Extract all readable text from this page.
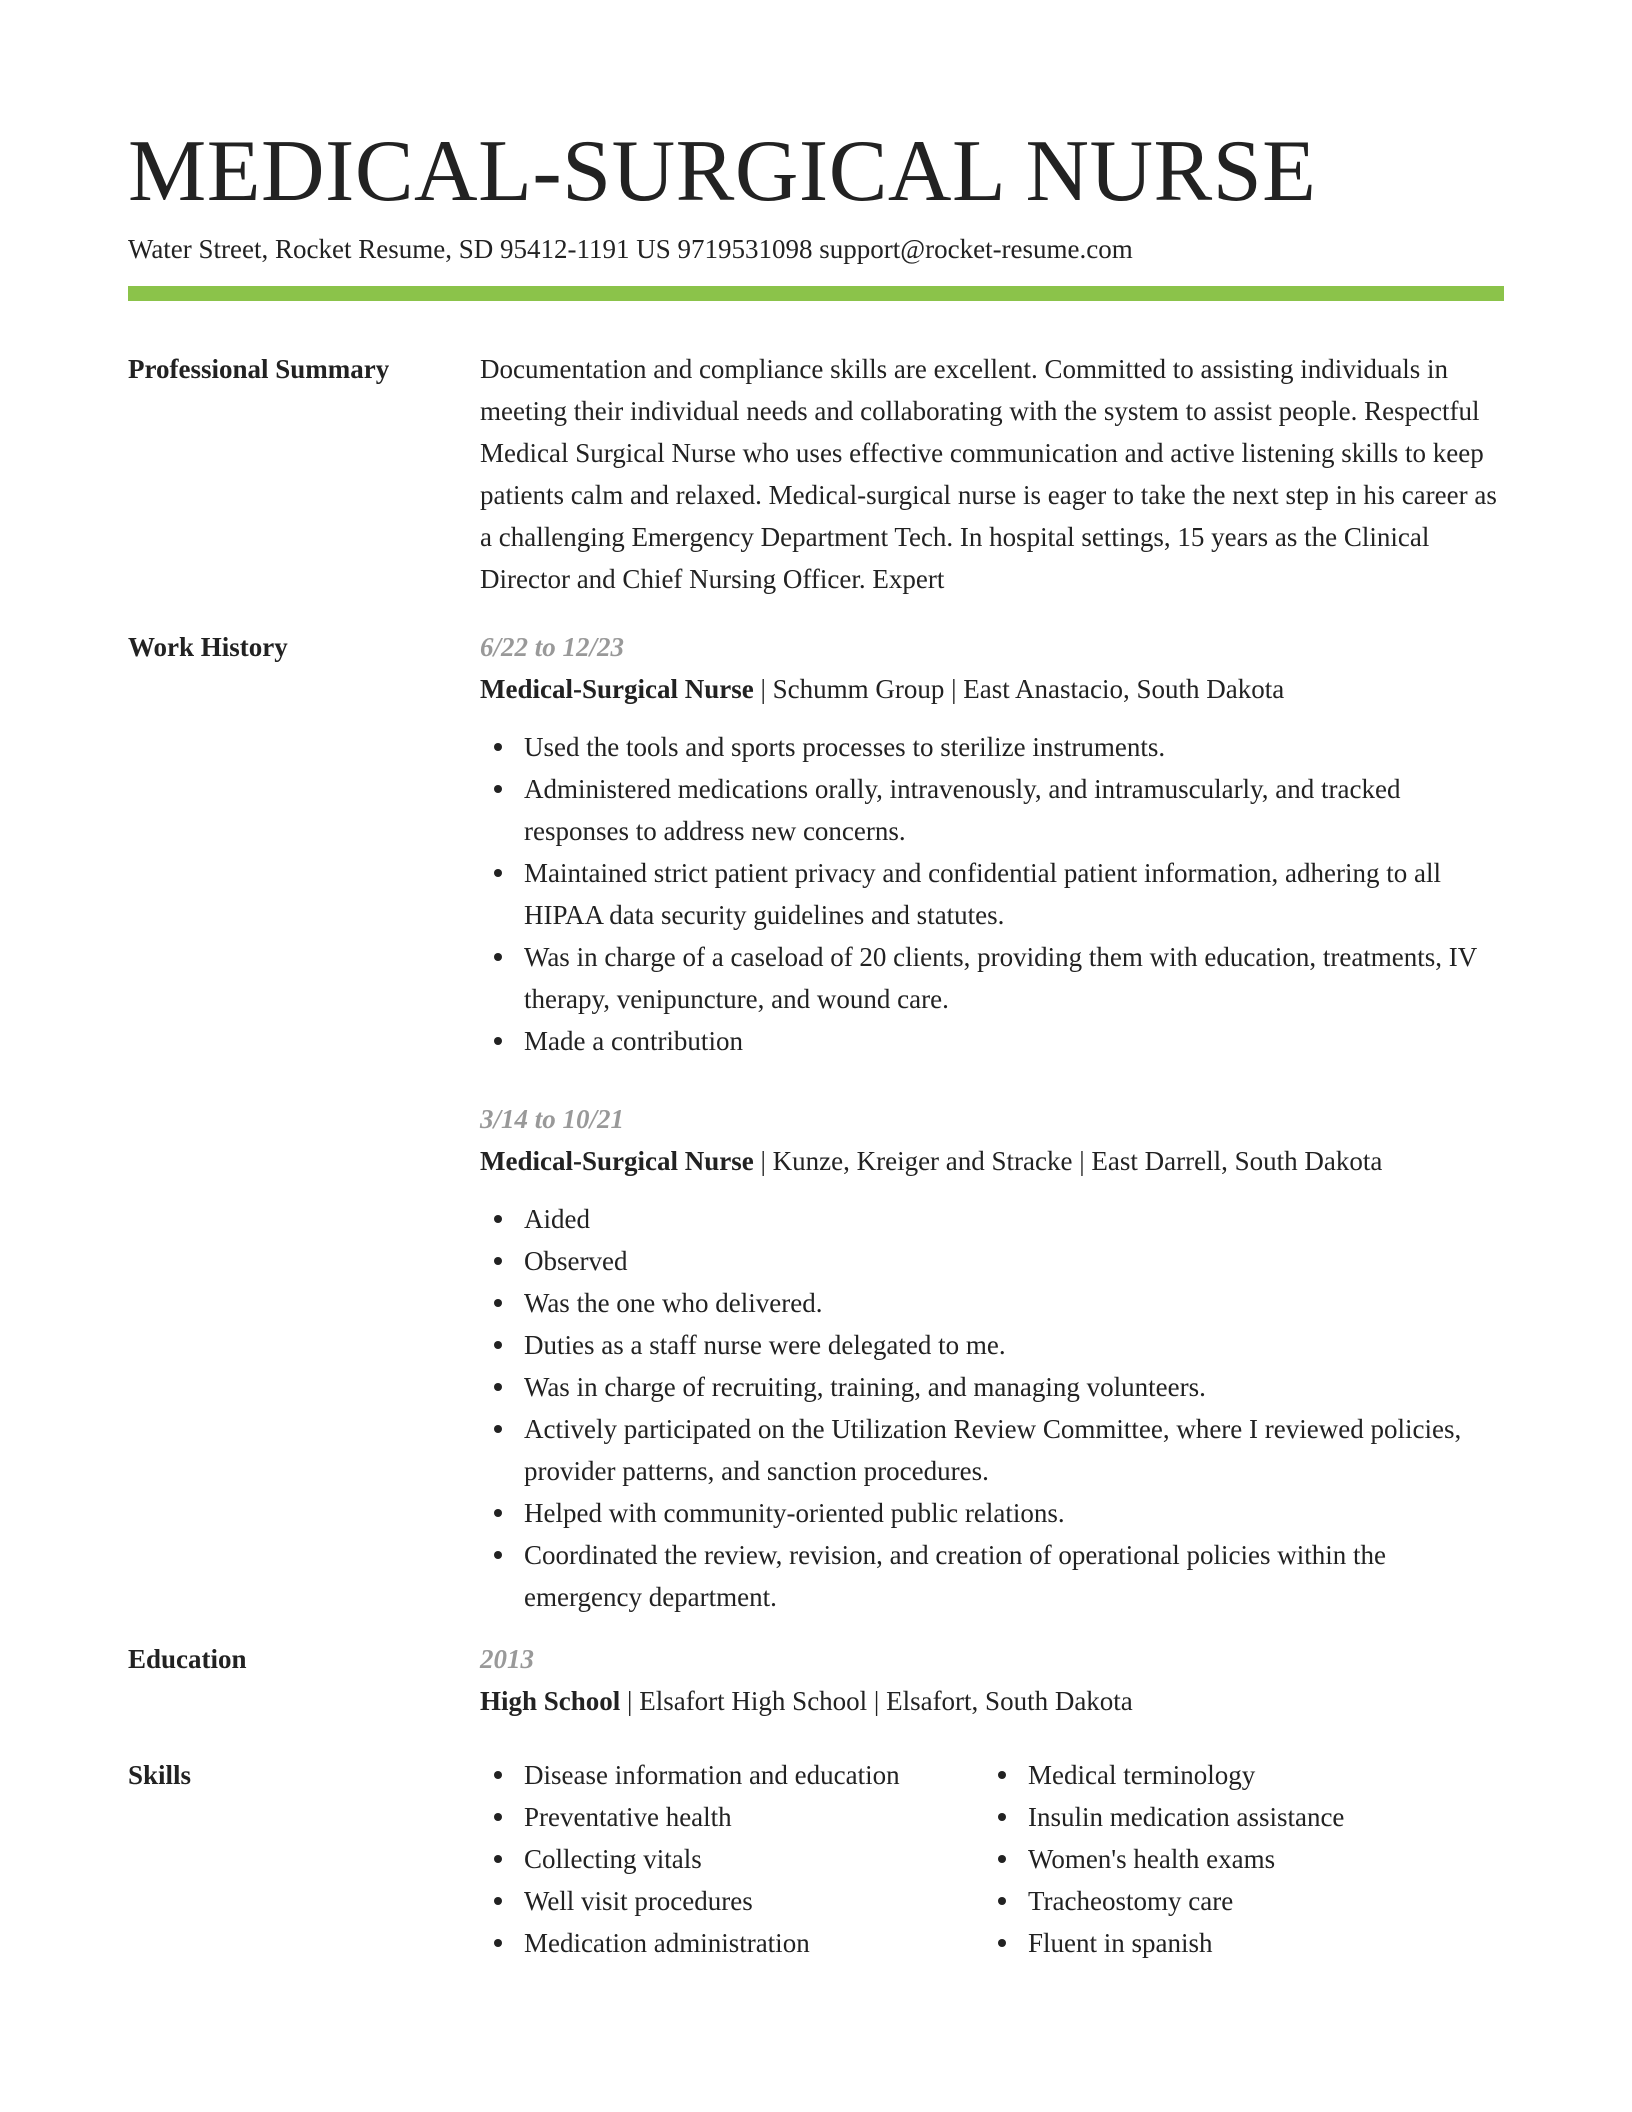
MEDICAL-SURGICAL NURSE
Water Street, Rocket Resume, SD 95412-1191 US 9719531098 support@rocket-resume.com
Professional Summary	Documentation and compliance skills are excellent. Committed to assisting individuals in meeting their individual needs and collaborating with the system to assist people. Respectful Medical Surgical Nurse who uses effective communication and active listening skills to keep patients calm and relaxed. Medical-surgical nurse is eager to take the next step in his career as a challenging Emergency Department Tech. In hospital settings, 15 years as the Clinical Director and Chief Nursing Officer. Expert

Work History	6/22 to 12/23
Medical-Surgical Nurse | Schumm Group | East Anastacio, South Dakota
Used the tools and sports processes to sterilize instruments.
Administered medications orally, intravenously, and intramuscularly, and tracked responses to address new concerns.
Maintained strict patient privacy and confidential patient information, adhering to all HIPAA data security guidelines and statutes.
Was in charge of a caseload of 20 clients, providing them with education, treatments, IV therapy, venipuncture, and wound care.
Made a contribution
3/14 to 10/21
Medical-Surgical Nurse | Kunze, Kreiger and Stracke | East Darrell, South Dakota
Aided
Observed
Was the one who delivered.
Duties as a staff nurse were delegated to me.
Was in charge of recruiting, training, and managing volunteers.
Actively participated on the Utilization Review Committee, where I reviewed policies, provider patterns, and sanction procedures.
Helped with community-oriented public relations.
Coordinated the review, revision, and creation of operational policies within the emergency department.
Education	2013
High School | Elsafort High School | Elsafort, South Dakota
Skills	Disease information and education
Preventative health
Collecting vitals
Well visit procedures
Medication administration
Medical terminology
Insulin medication assistance
Women's health exams
Tracheostomy care
Fluent in spanish
